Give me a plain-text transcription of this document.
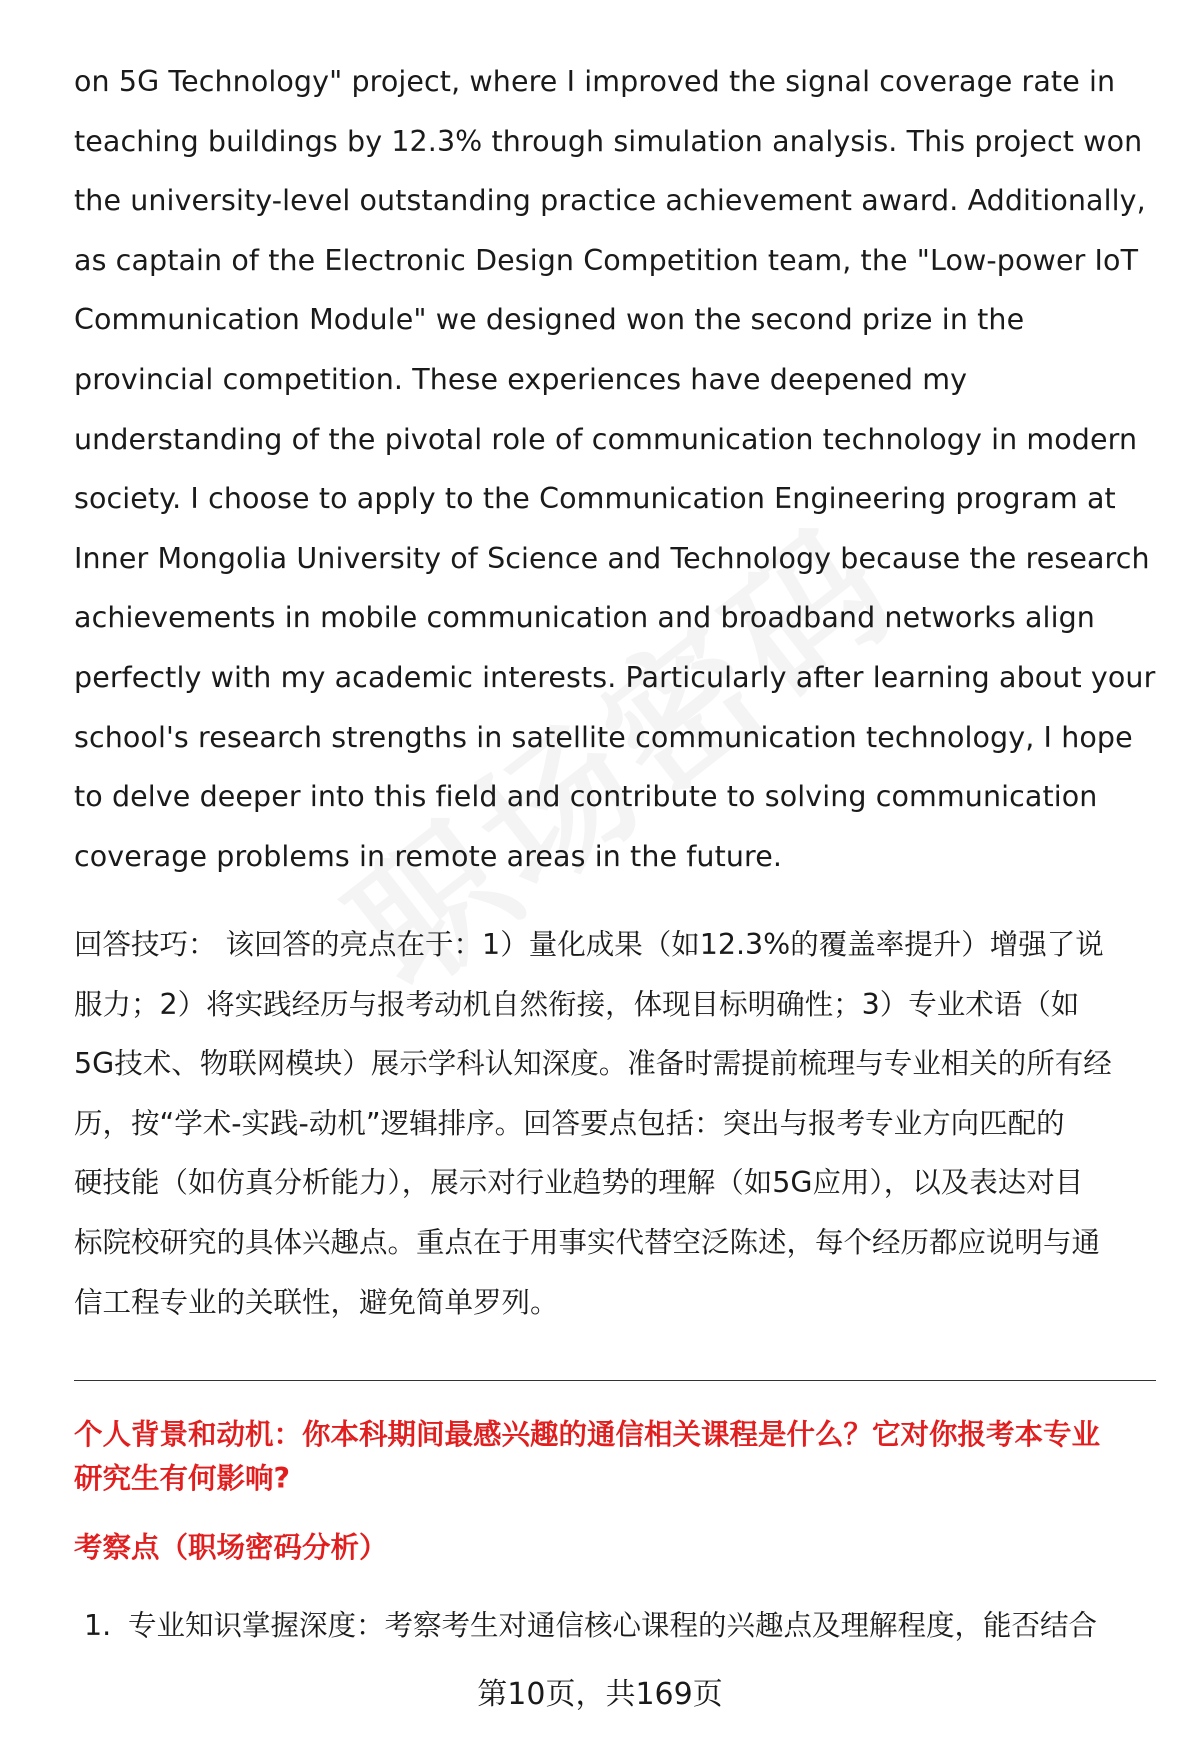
on 5G Technology" project, where I improved the signal coverage rate in
teaching buildings by 12.3% through simulation analysis. This project won
the university-level outstanding practice achievement award. Additionally,
as captain of the Electronic Design Competition team, the "Low-power IoT
Communication Module" we designed won the second prize in the
provincial competition. These experiences have deepened my
understanding of the pivotal role of communication technology in modern
society. I choose to apply to the Communication Engineering program at
Inner Mongolia University of Science and Technology because the research
achievements in mobile communication and broadband networks align
perfectly with my academic interests. Particularly after learning about your
school's research strengths in satellite communication technology, I hope
to delve deeper into this field and contribute to solving communication
coverage problems in remote areas in the future.
回答技巧： 该回答的亮点在于：1）量化成果（如12.3%的覆盖率提升）增强了说
服力；2）将实践经历与报考动机自然衔接，体现目标明确性；3）专业术语（如
5G技术、物联网模块）展示学科认知深度。准备时需提前梳理与专业相关的所有经
历，按“学术-实践-动机”逻辑排序。回答要点包括：突出与报考专业方向匹配的
硬技能（如仿真分析能力），展示对行业趋势的理解（如5G应用），以及表达对目
标院校研究的具体兴趣点。重点在于用事实代替空泛陈述，每个经历都应说明与通
信工程专业的关联性，避免简单罗列。
个人背景和动机：你本科期间最感兴趣的通信相关课程是什么？它对你报考本专业
研究生有何影响?
考察点（职场密码分析）
1. 专业知识掌握深度：考察考生对通信核心课程的兴趣点及理解程度，能否结合
第10页，共169页
